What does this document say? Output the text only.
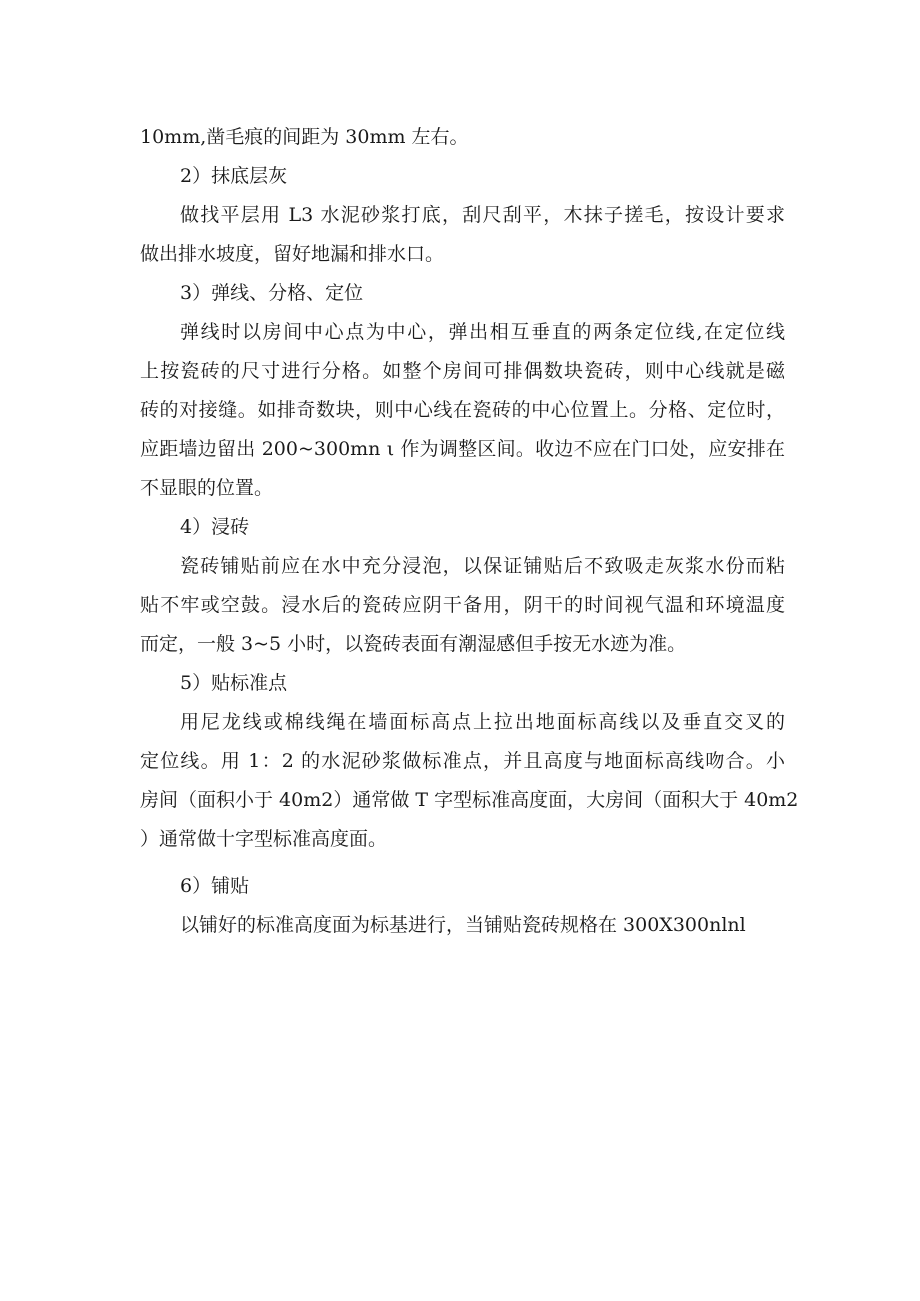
10mm,凿毛痕的间距为 30mm 左右。
2）抹底层灰
做找平层用 L3 水泥砂浆打底，刮尺刮平，木抹子搓毛，按设计要求
做出排水坡度，留好地漏和排水口。
3）弹线、分格、定位
弹线时以房间中心点为中心，弹出相互垂直的两条定位线,在定位线
上按瓷砖的尺寸进行分格。如整个房间可排偶数块瓷砖，则中心线就是磁
砖的对接缝。如排奇数块，则中心线在瓷砖的中心位置上。分格、定位时，
应距墙边留出 200~300mn ι 作为调整区间。收边不应在门口处，应安排在
不显眼的位置。
4）浸砖
瓷砖铺贴前应在水中充分浸泡，以保证铺贴后不致吸走灰浆水份而粘
贴不牢或空鼓。浸水后的瓷砖应阴干备用，阴干的时间视气温和环境温度
而定，一般 3~5 小时，以瓷砖表面有潮湿感但手按无水迹为准。
5）贴标准点
用尼龙线或棉线绳在墙面标高点上拉出地面标高线以及垂直交叉的
定位线。用 1：2 的水泥砂浆做标准点，并且高度与地面标高线吻合。小
房间（面积小于 40m2）通常做 T 字型标准高度面，大房间（面积大于 40m2
）通常做十字型标准高度面。
6）铺贴
以铺好的标准高度面为标基进行，当铺贴瓷砖规格在 300X300nlnl
